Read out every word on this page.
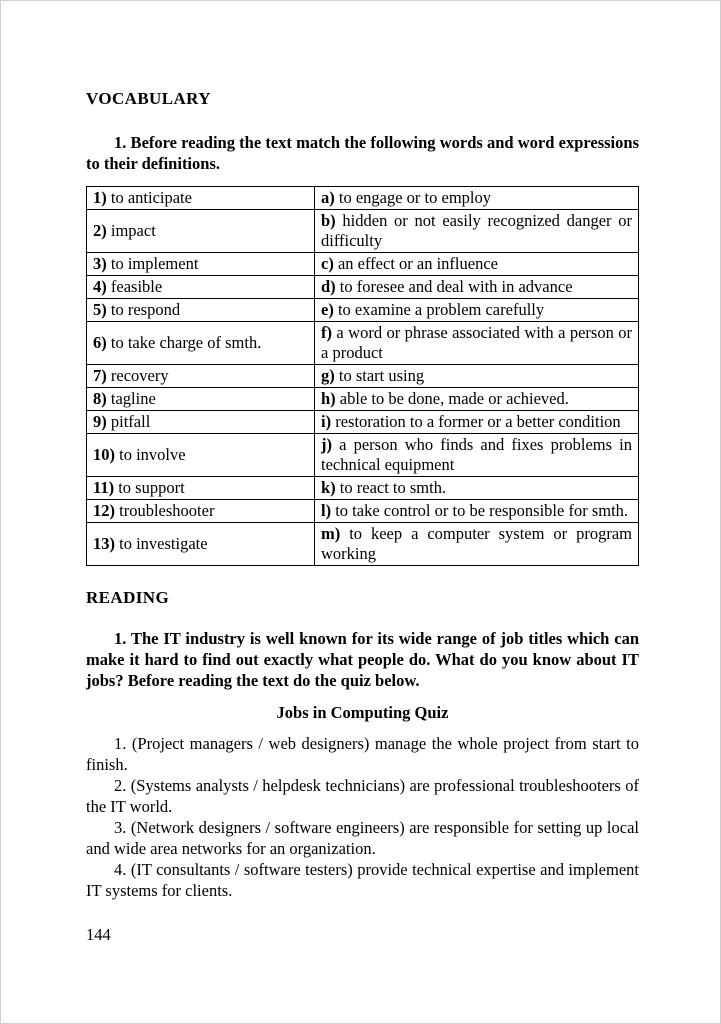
VOCABULARY

1. Before reading the text match the following words and word expressions to their definitions.

1) to anticipate	a) to engage or to employ
2) impact	b) hidden or not easily recognized danger or difficulty
3) to implement	c) an effect or an influence
4) feasible	d) to foresee and deal with in advance
5) to respond	e) to examine a problem carefully
6) to take charge of smth.	f) a word or phrase associated with a person or a product
7) recovery	g) to start using
8) tagline	h) able to be done, made or achieved.
9) pitfall	i) restoration to a former or a better condition
10) to involve	j) a person who finds and fixes problems in technical equipment
11) to support	k) to react to smth.
12) troubleshooter	l) to take control or to be responsible for smth.
13) to investigate	m) to keep a computer system or program working
READING

1. The IT industry is well known for its wide range of job titles which can make it hard to find out exactly what people do. What do you know about IT jobs? Before reading the text do the quiz below.

Jobs in Computing Quiz

1. (Project managers / web designers) manage the whole project from start to finish.

2. (Systems analysts / helpdesk technicians) are professional troubleshooters of the IT world.

3. (Network designers / software engineers) are responsible for setting up local and wide area networks for an organization.

4. (IT consultants / software testers) provide technical expertise and implement IT systems for clients.

144
